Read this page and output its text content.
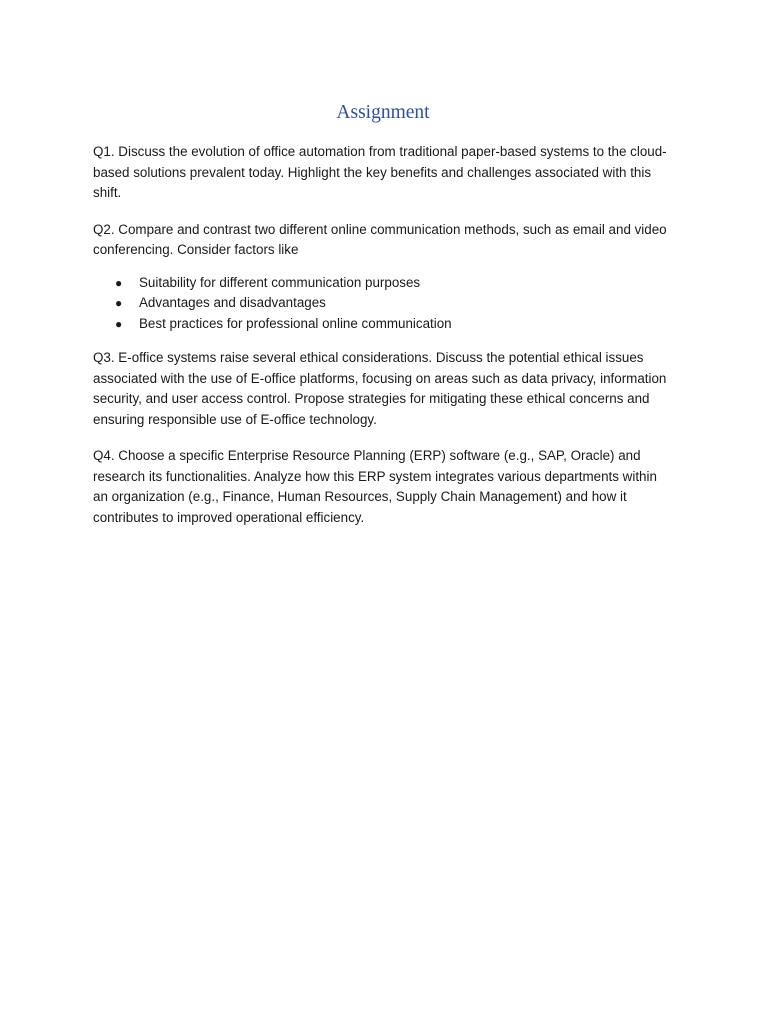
Assignment

Q1. Discuss the evolution of office automation from traditional paper-based systems to the cloud-based solutions prevalent today. Highlight the key benefits and challenges associated with this shift.

Q2. Compare and contrast two different online communication methods, such as email and video conferencing. Consider factors like

● Suitability for different communication purposes
● Advantages and disadvantages
● Best practices for professional online communication

Q3. E-office systems raise several ethical considerations. Discuss the potential ethical issues associated with the use of E-office platforms, focusing on areas such as data privacy, information security, and user access control. Propose strategies for mitigating these ethical concerns and ensuring responsible use of E-office technology.

Q4. Choose a specific Enterprise Resource Planning (ERP) software (e.g., SAP, Oracle) and research its functionalities. Analyze how this ERP system integrates various departments within an organization (e.g., Finance, Human Resources, Supply Chain Management) and how it contributes to improved operational efficiency.
